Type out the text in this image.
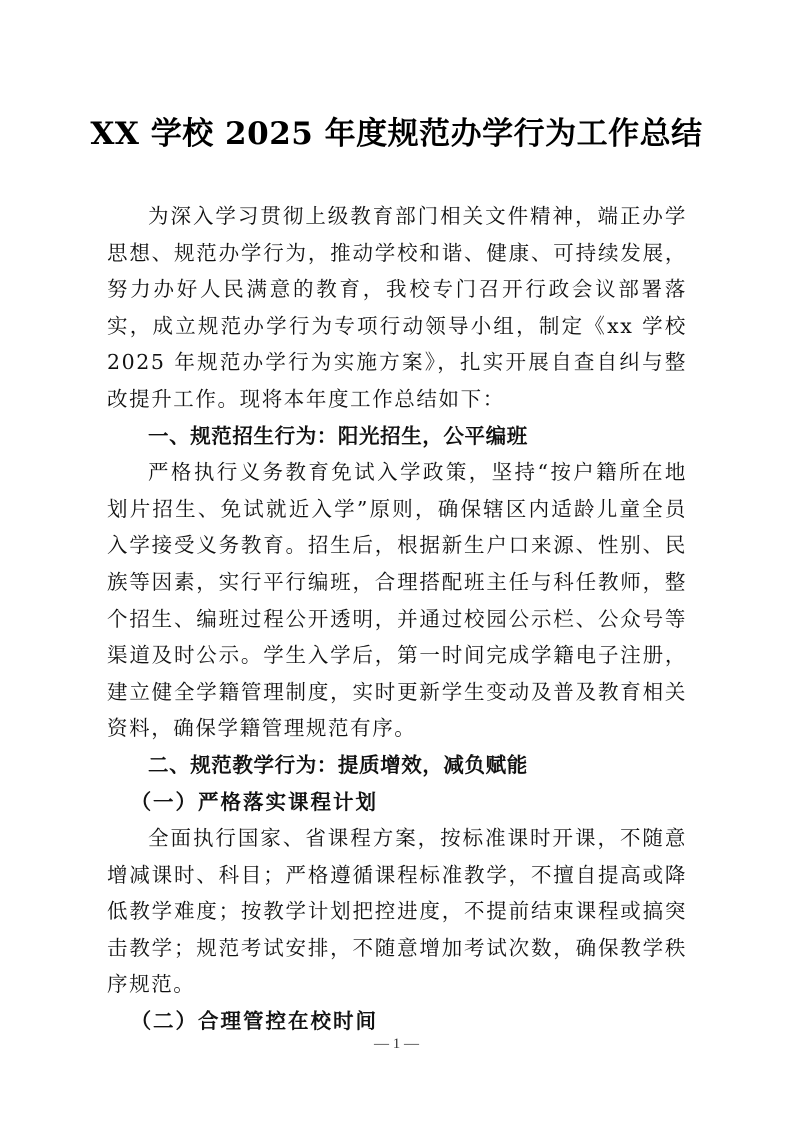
XX 学校 2025 年度规范办学行为工作总结

为深入学习贯彻上级教育部门相关文件精神，端正办学思想、规范办学行为，推动学校和谐、健康、可持续发展，努力办好人民满意的教育，我校专门召开行政会议部署落实，成立规范办学行为专项行动领导小组，制定《xx 学校 2025 年规范办学行为实施方案》，扎实开展自查自纠与整改提升工作。现将本年度工作总结如下：

一、规范招生行为：阳光招生，公平编班

严格执行义务教育免试入学政策，坚持“按户籍所在地划片招生、免试就近入学”原则，确保辖区内适龄儿童全员入学接受义务教育。招生后，根据新生户口来源、性别、民族等因素，实行平行编班，合理搭配班主任与科任教师，整个招生、编班过程公开透明，并通过校园公示栏、公众号等渠道及时公示。学生入学后，第一时间完成学籍电子注册，建立健全学籍管理制度，实时更新学生变动及普及教育相关资料，确保学籍管理规范有序。

二、规范教学行为：提质增效，减负赋能

（一）严格落实课程计划

全面执行国家、省课程方案，按标准课时开课，不随意增减课时、科目；严格遵循课程标准教学，不擅自提高或降低教学难度；按教学计划把控进度，不提前结束课程或搞突击教学；规范考试安排，不随意增加考试次数，确保教学秩序规范。

（二）合理管控在校时间

— 1 —
